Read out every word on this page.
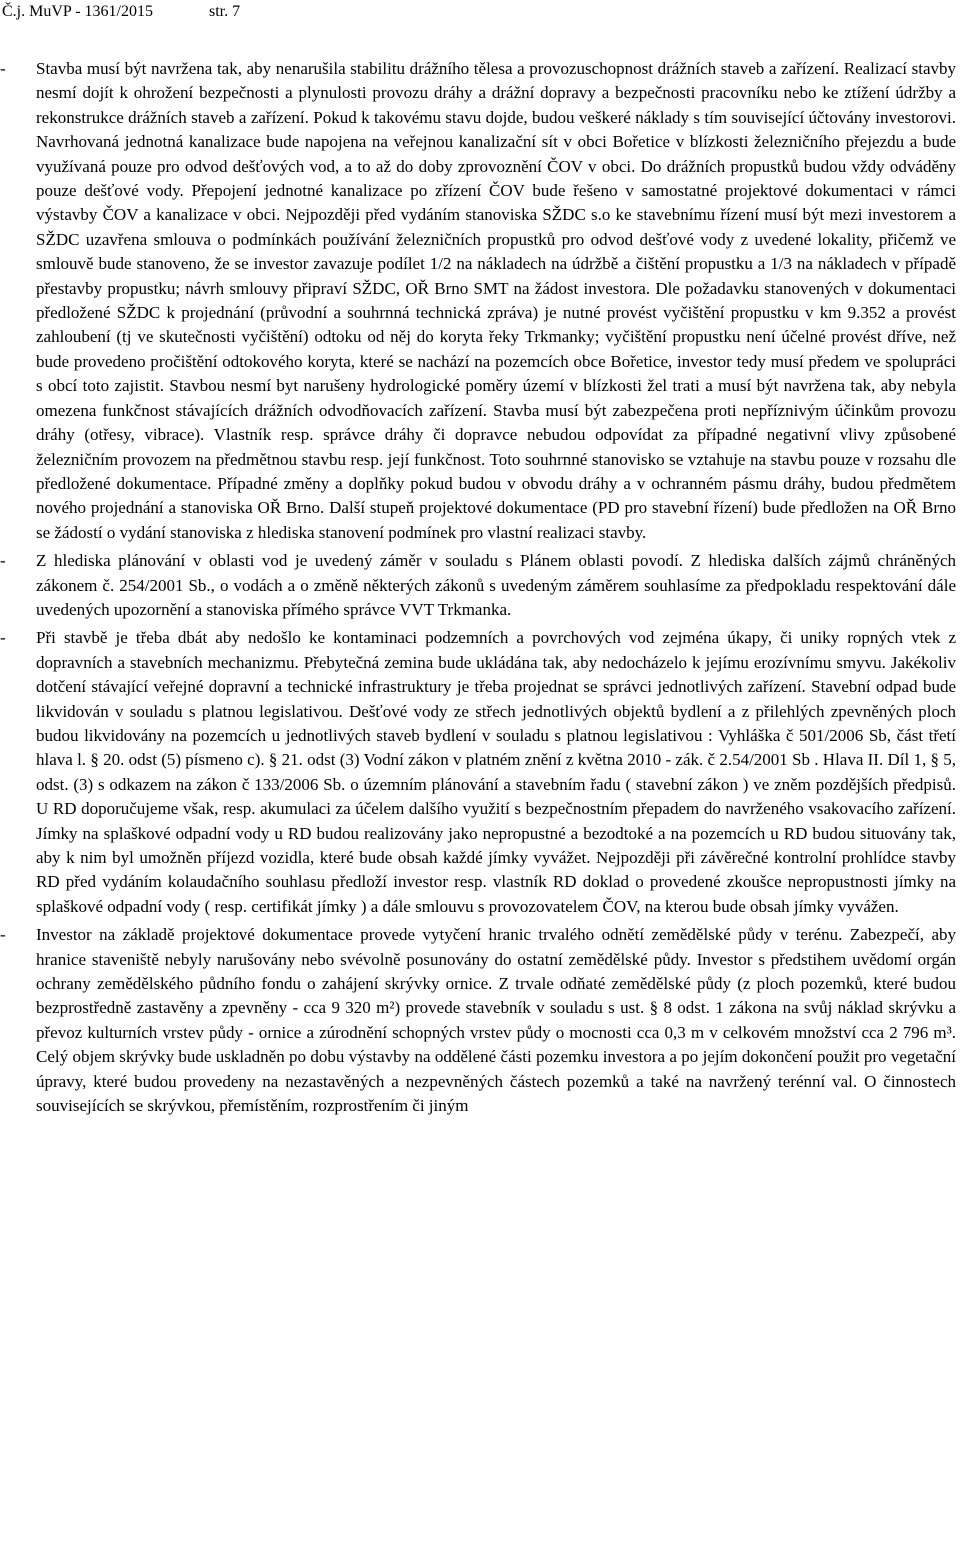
Č.j. MuVP - 1361/2015	str. 7
- Stavba musí být navržena tak, aby nenarušila stabilitu drážního tělesa a provozuschopnost drážních staveb a zařízení. Realizací stavby nesmí dojít k ohrožení bezpečnosti a plynulosti provozu dráhy a drážní dopravy a bezpečnosti pracovníku nebo ke ztížení údržby a rekonstrukce drážních staveb a zařízení. Pokud k takovému stavu dojde, budou veškeré náklady s tím související účtovány investorovi. Navrhovaná jednotná kanalizace bude napojena na veřejnou kanalizační sít v obci Bořetice v blízkosti železničního přejezdu a bude využívaná pouze pro odvod dešťových vod, a to až do doby zprovoznění ČOV v obci. Do drážních propustků budou vždy odváděny pouze dešťové vody. Přepojení jednotné kanalizace po zřízení ČOV bude řešeno v samostatné projektové dokumentaci v rámci výstavby ČOV a kanalizace v obci. Nejpozději před vydáním stanoviska SŽDC s.o ke stavebnímu řízení musí být mezi investorem a SŽDC uzavřena smlouva o podmínkách používání železničních propustků pro odvod dešťové vody z uvedené lokality, přičemž ve smlouvě bude stanoveno, že se investor zavazuje podílet 1/2 na nákladech na údržbě a čištění propustku a 1/3 na nákladech v případě přestavby propustku; návrh smlouvy připraví SŽDC, OŘ Brno SMT na žádost investora. Dle požadavku stanovených v dokumentaci předložené SŽDC k projednání (průvodní a souhrnná technická zpráva) je nutné provést vyčištění propustku v km 9.352 a provést zahloubení (tj ve skutečnosti vyčištění) odtoku od něj do koryta řeky Trkmanky; vyčištění propustku není účelné provést dříve, než bude provedeno pročištění odtokového koryta, které se nachází na pozemcích obce Bořetice, investor tedy musí předem ve spolupráci s obcí toto zajistit. Stavbou nesmí byt narušeny hydrologické poměry území v blízkosti žel trati a musí být navržena tak, aby nebyla omezena funkčnost stávajících drážních odvodňovacích zařízení. Stavba musí být zabezpečena proti nepříznivým účinkům provozu dráhy (otřesy, vibrace). Vlastník resp. správce dráhy či dopravce nebudou odpovídat za případné negativní vlivy způsobené železničním provozem na předmětnou stavbu resp. její funkčnost. Toto souhrnné stanovisko se vztahuje na stavbu pouze v rozsahu dle předložené dokumentace. Případné změny a doplňky pokud budou v obvodu dráhy a v ochranném pásmu dráhy, budou předmětem nového projednání a stanoviska OŘ Brno. Další stupeň projektové dokumentace (PD pro stavební řízení) bude předložen na OŘ Brno se žádostí o vydání stanoviska z hlediska stanovení podmínek pro vlastní realizaci stavby.
- Z hlediska plánování v oblasti vod je uvedený záměr v souladu s Plánem oblasti povodí. Z hlediska dalších zájmů chráněných zákonem č. 254/2001 Sb., o vodách a o změně některých zákonů s uvedeným záměrem souhlasíme za předpokladu respektování dále uvedených upozornění a stanoviska přímého správce VVT Trkmanka.
- Při stavbě je třeba dbát aby nedošlo ke kontaminaci podzemních a povrchových vod zejména úkapy, či uniky ropných vtek z dopravních a stavebních mechanizmu. Přebytečná zemina bude ukládána tak, aby nedocházelo k jejímu erozívnímu smyvu. Jakékoliv dotčení stávající veřejné dopravní a technické infrastruktury je třeba projednat se správci jednotlivých zařízení. Stavební odpad bude likvidován v souladu s platnou legislativou. Dešťové vody ze střech jednotlivých objektů bydlení a z přilehlých zpevněných ploch budou likvidovány na pozemcích u jednotlivých staveb bydlení v souladu s platnou legislativou : Vyhláška č 501/2006 Sb, část třetí hlava l. § 20. odst (5) písmeno c). § 21. odst (3) Vodní zákon v platném znění z května 2010 - zák. č 2.54/2001 Sb . Hlava II. Díl 1, § 5, odst. (3) s odkazem na zákon č 133/2006 Sb. o územním plánování a stavebním řadu ( stavební zákon ) ve zněm pozdějších předpisů. U RD doporučujeme však, resp. akumulaci za účelem dalšího využití s bezpečnostním přepadem do navrženého vsakovacího zařízení. Jímky na splaškové odpadní vody u RD budou realizovány jako nepropustné a bezodtoké a na pozemcích u RD budou situovány tak, aby k nim byl umožněn příjezd vozidla, které bude obsah každé jímky vyvážet. Nejpozději při závěrečné kontrolní prohlídce stavby RD před vydáním kolaudačního souhlasu předloží investor resp. vlastník RD doklad o provedené zkoušce nepropustnosti jímky na splaškové odpadní vody ( resp. certifikát jímky ) a dále smlouvu s provozovatelem ČOV, na kterou bude obsah jímky vyvážen.
- Investor na základě projektové dokumentace provede vytyčení hranic trvalého odnětí zemědělské půdy v terénu. Zabezpečí, aby hranice staveniště nebyly narušovány nebo svévolně posunovány do ostatní zemědělské půdy. Investor s předstihem uvědomí orgán ochrany zemědělského půdního fondu o zahájení skrývky ornice. Z trvale odňaté zemědělské půdy (z ploch pozemků, které budou bezprostředně zastavěny a zpevněny - cca 9 320 m²) provede stavebník v souladu s ust. § 8 odst. 1 zákona na svůj náklad skrývku a převoz kulturních vrstev půdy - ornice a zúrodnění schopných vrstev půdy o mocnosti cca 0,3 m v celkovém množství cca 2 796 m³. Celý objem skrývky bude uskladněn po dobu výstavby na oddělené části pozemku investora a po jejím dokončení použit pro vegetační úpravy, které budou provedeny na nezastavěných a nezpevněných částech pozemků a také na navržený terénní val. O činnostech souvisejících se skrývkou, přemístěním, rozprostřením či jiným
